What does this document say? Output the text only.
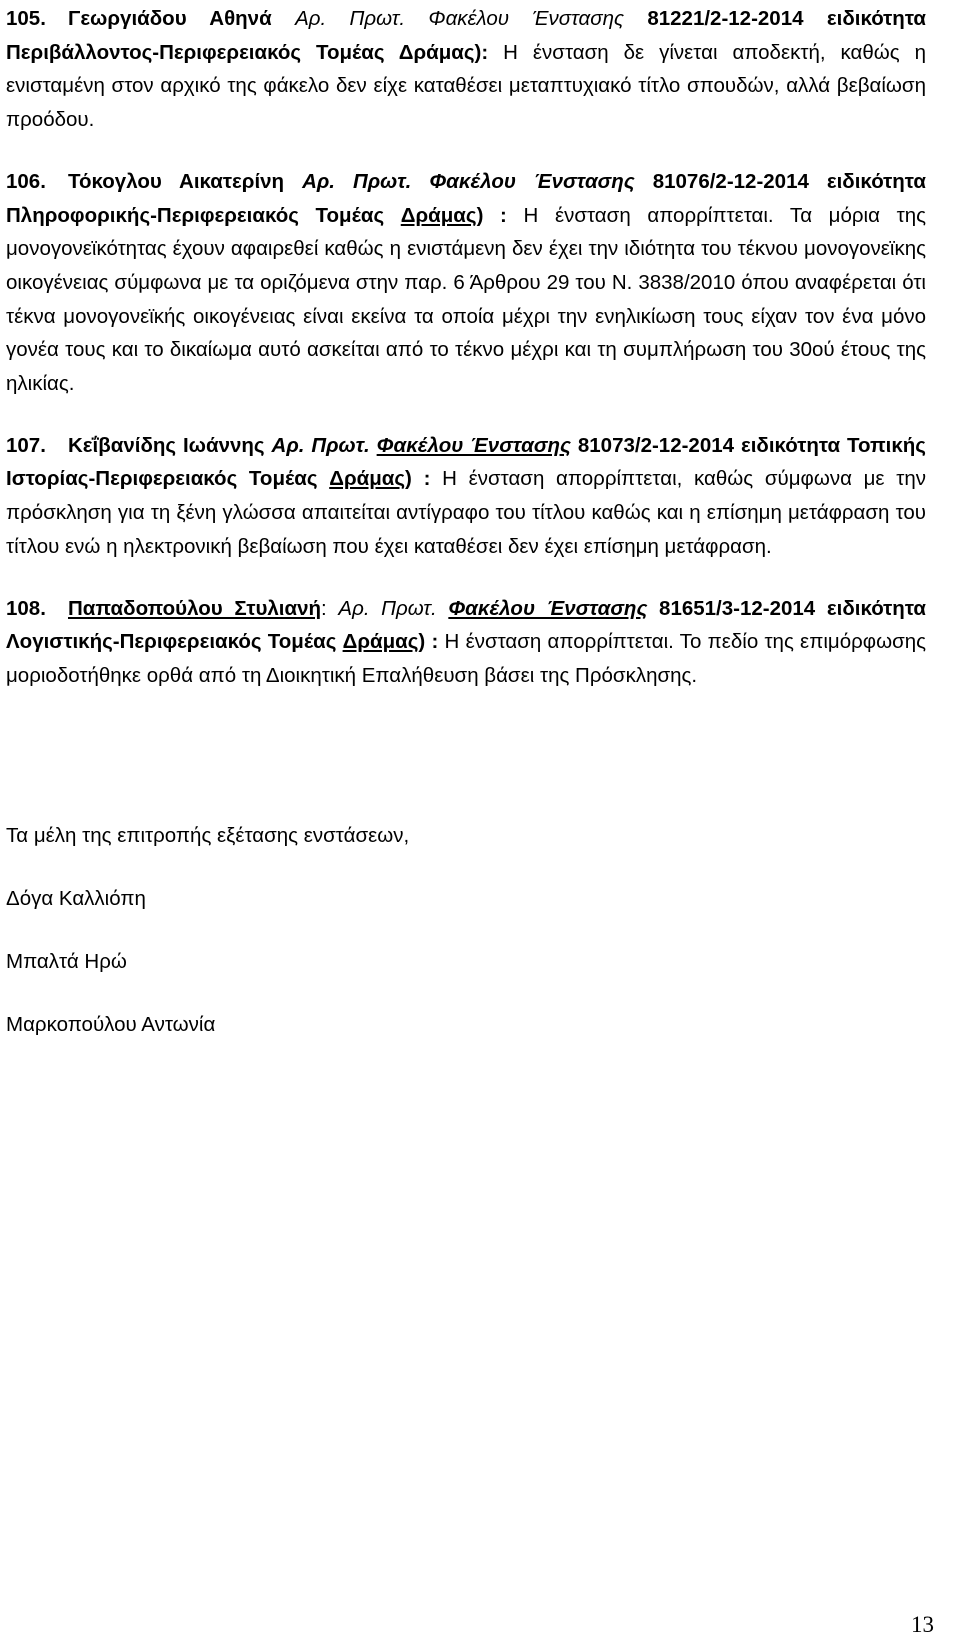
105. Γεωργιάδου Αθηνά Αρ. Πρωτ. Φακέλου Ένστασης 81221/2-12-2014 ειδικότητα Περιβάλλοντος-Περιφερειακός Τομέας Δράμας): Η ένσταση δε γίνεται αποδεκτή, καθώς η ενισταμένη στον αρχικό της φάκελο δεν είχε καταθέσει μεταπτυχιακό τίτλο σπουδών, αλλά βεβαίωση προόδου.

106. Τόκογλου Αικατερίνη Αρ. Πρωτ. Φακέλου Ένστασης 81076/2-12-2014 ειδικότητα Πληροφορικής-Περιφερειακός Τομέας Δράμας) : Η ένσταση απορρίπτεται. Τα μόρια της μονογονεϊκότητας έχουν αφαιρεθεί καθώς η ενιστάμενη δεν έχει την ιδιότητα του τέκνου μονογονεϊκης οικογένειας σύμφωνα με τα οριζόμενα στην παρ. 6 Άρθρου 29 του Ν. 3838/2010 όπου αναφέρεται ότι τέκνα μονογονεϊκής οικογένειας είναι εκείνα τα οποία μέχρι την ενηλικίωση τους είχαν τον ένα μόνο γονέα τους και το δικαίωμα αυτό ασκείται από το τέκνο μέχρι και τη συμπλήρωση του 30ού έτους της ηλικίας.

107. Κεΐβανίδης Ιωάννης Αρ. Πρωτ. Φακέλου Ένστασης 81073/2-12-2014 ειδικότητα Τοπικής Ιστορίας-Περιφερειακός Τομέας Δράμας) : Η ένσταση απορρίπτεται, καθώς σύμφωνα με την πρόσκληση για τη ξένη γλώσσα απαιτείται αντίγραφο του τίτλου καθώς και η επίσημη μετάφραση του τίτλου ενώ η ηλεκτρονική βεβαίωση που έχει καταθέσει δεν έχει επίσημη μετάφραση.

108. Παπαδοπούλου Στυλιανή: Αρ. Πρωτ. Φακέλου Ένστασης 81651/3-12-2014 ειδικότητα Λογιστικής-Περιφερειακός Τομέας Δράμας) : Η ένσταση απορρίπτεται. Το πεδίο της επιμόρφωσης μοριοδοτήθηκε ορθά από τη Διοικητική Επαλήθευση βάσει της Πρόσκλησης.

Τα μέλη της επιτροπής εξέτασης ενστάσεων,
Δόγα Καλλιόπη
Μπαλτά Ηρώ
Μαρκοπούλου Αντωνία
13
